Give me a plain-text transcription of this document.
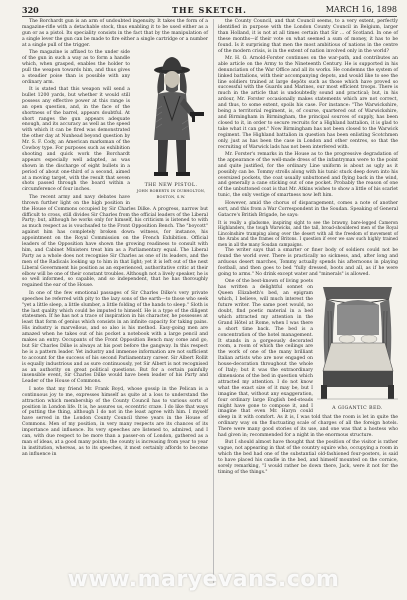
320	THE SKETCH.	MARCH 16, 1898

The Borchardt gun is an arm of undoubted ingenuity. It takes the form of a magazine-rifle with a detachable stock, thus enabling it to be used either as a gun or as a pistol. Its speciality consists in the fact that by the manipulation of a single lever the gun can be made to fire either a single cartridge or a number at a single pull of the trigger.

THE NEW PISTOL.
JOHN ROBERTS IN DUBHOLTON, BOSTON, S.W.

The magazine is affixed to the under side of the gun in such a way as to form a handle which, when grasped, enables the holder to pull the weapon towards him, and thus gives a steadier poise than is possible with any ordinary arm.

It is stated that this weapon will send a bullet 1200 yards, but whether it would still possess any effective power at this range is an open question, and, in the face of the shortness of the barrel, appears doubtful. At short ranges the gun appears adequate enough, and its accuracy as well as the speed with which it can be fired was demonstrated the other day at Nunhead beyond question by Mr. S. F. Cody, an American marksman of the Cowboy type. For purposes such as exhibition shooting and quick work the Borchardt appears especially well adapted, as was shown in the discharge of eight bullets in a period of about one-third of a second, aimed at a moving target, with the result that seven shots passed through the board within a circumference of four inches.

The recent army and navy debates have thrown further light on the high position in the House of Commons occupied by Sir Charles Dilke. A progress, narrow but difficult to cross, still divides Sir Charles from the official leaders of the Liberal Party; but, although he works only for himself, his criticism is listened to with as much respect as is vouchsafed to the Front Opposition Bench. The "boycott" against him has completely broken down: witness, for instance, his appointment on the Royal Commission on the French Exhibition. Official leaders of the Opposition have shown the growing readiness to consult with him, and Cabinet Ministers treat him as a Parliamentary equal. The Liberal Party as a whole does not recognise Sir Charles as one of its leaders, and the men of the Radicals looking up to him in that light; yet it is left out of the next Liberal Government his position as an experienced, authoritative critic at their elbow will be one of their constant troubles. Although not a lively speaker, he is so well informed, so capable, and so independent, that he has thoroughly regained the ear of the House.

In one of the few emotional passages of Sir Charles Dilke's very private speeches he referred with pity to the lazy sons of the earth—to those who seek "yet a little sleep, a little slumber, a little folding of the hands to sleep." Sloth is the last quality which could be imputed to himself. He is a type of the diligent statesmen. If he has not a trace of inspiration in his character, he possesses at least that form of genius which consists in an infinite capacity for taking pains. His industry is marvellous, and so also is his method. Easy-going men are amazed when he takes out of his pocket a notebook with a large pencil and makes an entry. Occupants of the Front Opposition Bench may come and go, but Sir Charles Dilke is always at his post before the gangway. In this respect he is a pattern leader. Yet industry and immense information are not sufficient to account for the success of his second Parliamentary career. Sir Albert Rollit is equally industrious and as sure continuously, yet Sir Albert is not recognised as an authority on great political questions. But for a certain painfully insensible event, Sir Charles Dilke would have been leader of his Party and Leader of the House of Commons.

I note that my friend Mr. Frank Boyd, whose gossip in the Pelican is a continuous joy to me, expresses himself as quite at a loss to understand the attraction which membership of the County Council has to various sorts of position in London life. It is, he assures us, eccentric craze. I do like that ways of putting the thing, although I do not in the least agree with him. I myself have served in the London County Council three years in the House of Commons. Men of my position, in very many respects are its chances of its importance and influence. Its very speeches are listened to, admired, and I can, with due respect to be more than a passer-on of London, gathered as a man of ideas, at a good many points; the county is increasing from year to year in institution, whereas, as to its speeches, it most certainly affords to become an influence in

the County Council, and that Council seems, to a very extent, perfectly identified in purpose with the London County Council in Belgium, larger than Holland, it is not at all times certain that Sir ... of Scotland. In one of these months—if their vote on what seemed a sum of money, it has to be found. Is it surprising that men the most ambitious of nations in the centre of the modern crisis, is in the extent of nation involved only in the world?

Mr. H. O. Arnold-Forster continues on the war-path, and contributes an able article on the Army to the Nineteenth Century. He is supported in his denunciation of the War Office and all its works. He condemns the system of linked battalions, with their accompanying depots, and would like to see the line soldiers trained at large depôts such as those which have proved so successful with the Guards and Marines, our most efficient troops. There is much in the article that is undoubtedly sound and practical; but, in his ardour, Mr. Forster occasionally makes statements which are not correct, and thus, to some extent, spoils his case. For instance: "The Warwickshire, being a territorial regiment, is, of course, quartered out of Warwickshire, and Birmingham in Birmingham, the principal sources of supply, has been closed to it, in order to secure recruits for a Highland battalion, it is glad to take what it can get." Now Birmingham has not been closed to the Warwick regiment. The Highland battalion in question has been enlisting Scotchmen only, just as has been the case in London and other centres, so that the recruiting of Warwick lads has not been interfered with.

Mr. Forster's remarks in the House as to the progressive degradation of the appearance of the well-made dress of the infantryman were to the point and quite justified, for the ordinary Line uniform is about as ugly as it possibly can be. Tommy strolls along with his tunic stuck deep down into his oversized pockets, the coat usually unbuttoned and flying back in the wind, and generally a cane sticking out of one pocket. Probably the reason of one of the unbuttoned coat is that Mr. Atkins wishes to show a little of his scarlet tunic, the only vestige of smartness now left him.

However, amid the chorus of disparagement, comes a note of another sort, and this from a War Correspondent in the Soudan. Speaking of General Gatacre's British Brigade, he says:

It is really a gladsome, inspiring sight to see the brawny, bare-legged Cameron Highlanders, the tough Warwicks, and the tall, broad-shouldered men of the Royal Lincolnshire tramping along over the desert with all the freedom of movement of the Arabs and the frames of Britons. I question if ever we saw such highly trained men in all the many Soudan campaigns.

The writer says that a smarter or finer body of soldiers could not be found the world over. There is practically no sickness, and, after long and arduous desert marches, Tommy actually spends his afternoons in playing football, and then goes to bed "fully dressed, boots and all, as if he were going to arms." No drink except water and "minerals" is allowed.

A GIGANTIC BED.

One of the best-known of living poets has written a delightful sonnet on Queen Elizabeth's bed, an epigram which, I believe, will much interest the future writer. The same poet would, no doubt, find poetic material in a bed which attracted my attention in the Grand Hôtel at Rome, when I was there a short time back. The bed is a concentration of the hotel management. It stands in a gorgeously decorated room, a room of which the ceilings are the work of one of the many brilliant Italian artists who are now engaged on house-decoration throughout the whole of Italy; but it was the extraordinary dimensions of the bed in question which attracted my attention. I do not know what the exact size of it may be, but I imagine that, without any exaggeration, four ordinary large English bed-steads might have gone to compose it, and I imagine that even Mr. Haryn could sleep in it with comfort. As it is, I was told that the room is let in quite the ordinary way on the fluctuating scale of charges of all the foreign hotels. There were many good stories of its use, and one was that a hostess who had given in; recommended for a night in the enormous structure.

But I should almost have thought that the position of the visitor is rather vague, not appearing in that of the country squire who, occupying a room in which the bed had one of the substantial old-fashioned four-posters, is said to have placed his candle in the bed, and himself mounted on the cornice, sorely remarking, "I would rather be down there, Jack, were it not for the timing of the things."

www.maryevans.com
